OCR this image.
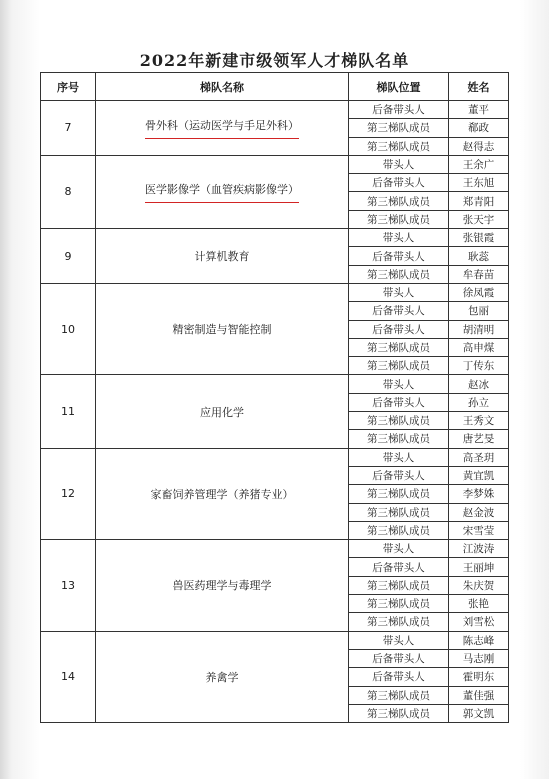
2022年新建市级领军人才梯队名单
序号	梯队名称	梯队位置	姓名
7	骨外科（运动医学与手足外科）	后备带头人	董平
		第三梯队成员	郗政
		第三梯队成员	赵得志
8	医学影像学（血管疾病影像学）	带头人	王余广
		后备带头人	王东旭
		第三梯队成员	郑青阳
		第三梯队成员	张天宇
9	计算机教育	带头人	张银霞
		后备带头人	耿蕊
		第三梯队成员	牟春苗
10	精密制造与智能控制	带头人	徐凤霞
		后备带头人	包丽
		后备带头人	胡清明
		第三梯队成员	高申煤
		第三梯队成员	丁传东
11	应用化学	带头人	赵冰
		后备带头人	孙立
		第三梯队成员	王秀文
		第三梯队成员	唐艺旻
12	家畜饲养管理学（养猪专业）	带头人	高圣玥
		后备带头人	黄宜凯
		第三梯队成员	李梦姝
		第三梯队成员	赵金波
		第三梯队成员	宋雪莹
13	兽医药理学与毒理学	带头人	江波涛
		后备带头人	王丽坤
		第三梯队成员	朱庆贺
		第三梯队成员	张艳
		第三梯队成员	刘雪松
14	养禽学	带头人	陈志峰
		后备带头人	马志刚
		后备带头人	霍明东
		第三梯队成员	董佳强
		第三梯队成员	郭文凯
